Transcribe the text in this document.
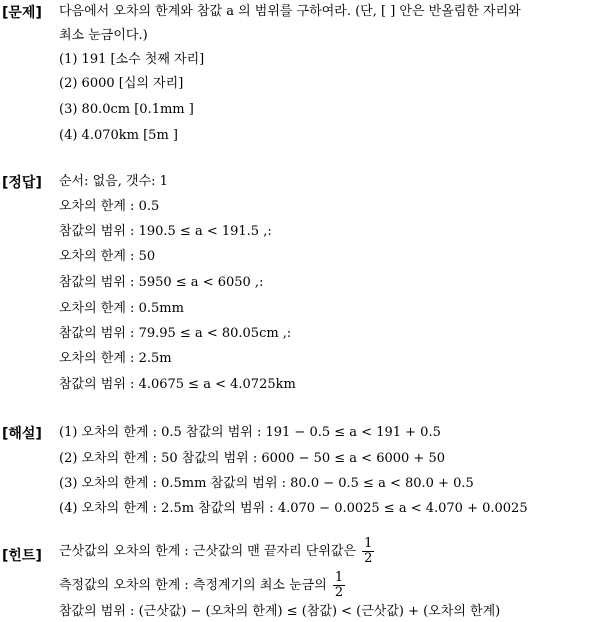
[문제] 다음에서 오차의 한계와 참값 a 의 범위를 구하여라. (단, [ ] 안은 반올림한 자리와
최소 눈금이다.)
(1) 191 [소수 첫째 자리]
(2) 6000 [십의 자리]
(3) 80.0cm [0.1mm ]
(4) 4.070km [5m ]
[정답] 순서: 없음, 갯수: 1
오차의 한계 : 0.5
참값의 범위 : 190.5 ≤ a < 191.5 ,:
오차의 한계 : 50
참값의 범위 : 5950 ≤ a < 6050 ,:
오차의 한계 : 0.5mm
참값의 범위 : 79.95 ≤ a < 80.05cm ,:
오차의 한계 : 2.5m
참값의 범위 : 4.0675 ≤ a < 4.0725km
[해설] (1) 오차의 한계 : 0.5 참값의 범위 : 191 − 0.5 ≤ a < 191 + 0.5
(2) 오차의 한계 : 50 참값의 범위 : 6000 − 50 ≤ a < 6000 + 50
(3) 오차의 한계 : 0.5mm 참값의 범위 : 80.0 − 0.5 ≤ a < 80.0 + 0.5
(4) 오차의 한계 : 2.5m 참값의 범위 : 4.070 − 0.0025 ≤ a < 4.070 + 0.0025
[힌트] 근삿값의 오차의 한계 : 근삿값의 맨 끝자리 단위값은 $\frac{1}{2}$
측정값의 오차의 한계 : 측정계기의 최소 눈금의 $\frac{1}{2}$
참값의 범위 : (근삿값) − (오차의 한계) ≤ (참값) < (근삿값) + (오차의 한계)
